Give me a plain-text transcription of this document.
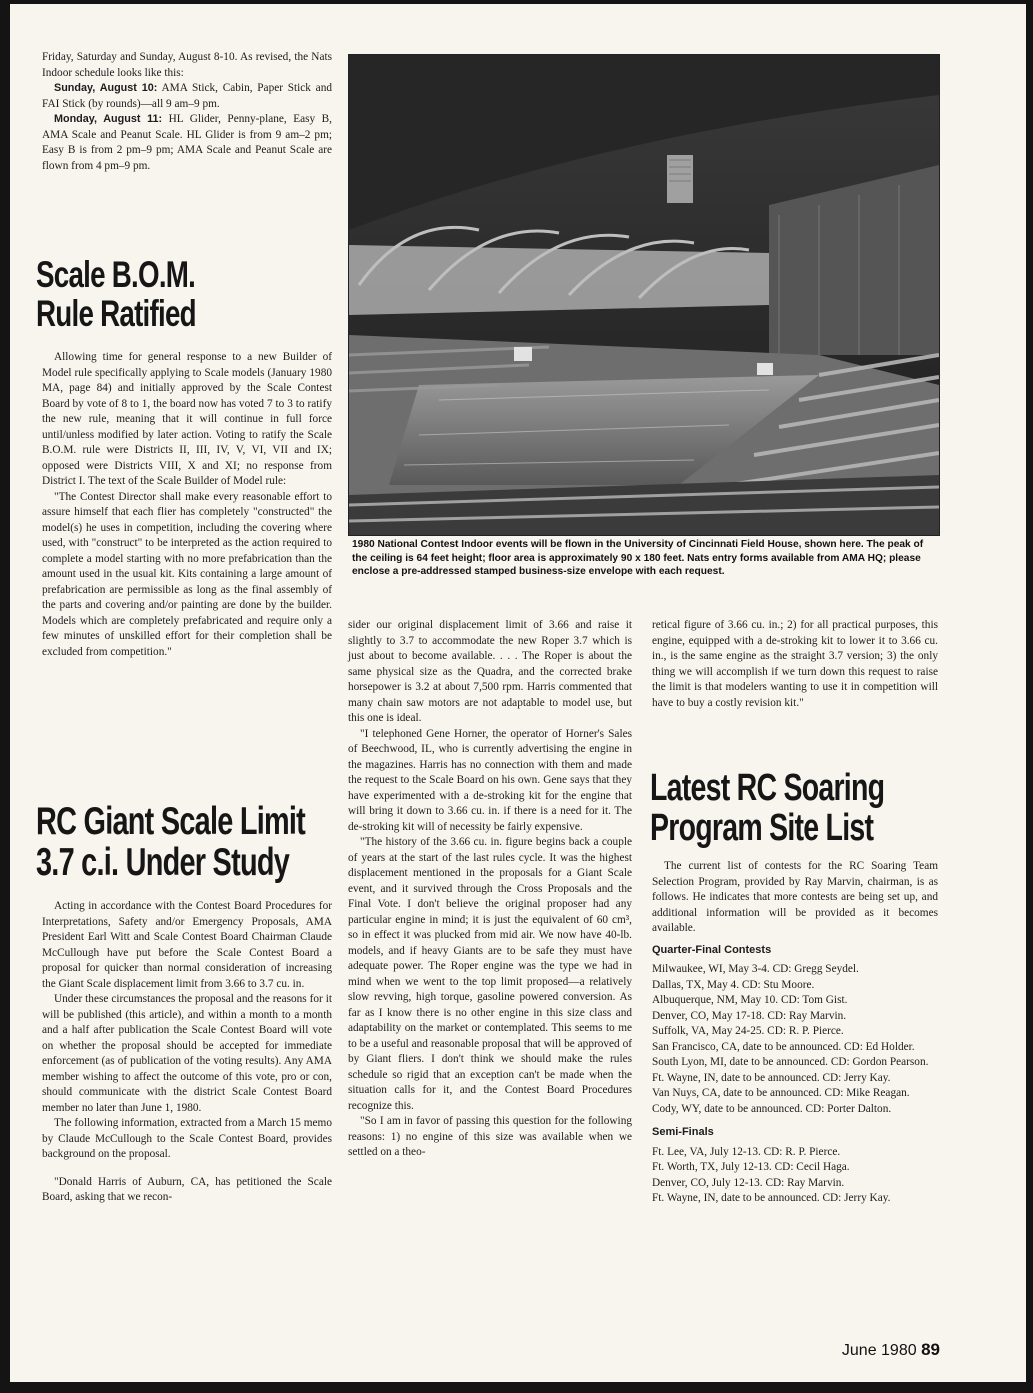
Friday, Saturday and Sunday, August 8-10. As revised, the Nats Indoor schedule looks like this:

Sunday, August 10: AMA Stick, Cabin, Paper Stick and FAI Stick (by rounds)—all 9 am–9 pm.

Monday, August 11: HL Glider, Penny-plane, Easy B, AMA Scale and Peanut Scale. HL Glider is from 9 am–2 pm; Easy B is from 2 pm–9 pm; AMA Scale and Peanut Scale are flown from 4 pm–9 pm.

Scale B.O.M.
Rule Ratified

Allowing time for general response to a new Builder of Model rule specifically applying to Scale models (January 1980 MA, page 84) and initially approved by the Scale Contest Board by vote of 8 to 1, the board now has voted 7 to 3 to ratify the new rule, meaning that it will continue in full force until/unless modified by later action. Voting to ratify the Scale B.O.M. rule were Districts II, III, IV, V, VI, VII and IX; opposed were Districts VIII, X and XI; no response from District I. The text of the Scale Builder of Model rule:

"The Contest Director shall make every reasonable effort to assure himself that each flier has completely "constructed" the model(s) he uses in competition, including the covering where used, with "construct" to be interpreted as the action required to complete a model starting with no more prefabrication than the amount used in the usual kit. Kits containing a large amount of prefabrication are permissible as long as the final assembly of the parts and covering and/or painting are done by the builder. Models which are completely prefabricated and require only a few minutes of unskilled effort for their completion shall be excluded from competition."

RC Giant Scale Limit
3.7 c.i. Under Study

Acting in accordance with the Contest Board Procedures for Interpretations, Safety and/or Emergency Proposals, AMA President Earl Witt and Scale Contest Board Chairman Claude McCullough have put before the Scale Contest Board a proposal for quicker than normal consideration of increasing the Giant Scale displacement limit from 3.66 to 3.7 cu. in.

Under these circumstances the proposal and the reasons for it will be published (this article), and within a month to a month and a half after publication the Scale Contest Board will vote on whether the proposal should be accepted for immediate enforcement (as of publication of the voting results). Any AMA member wishing to affect the outcome of this vote, pro or con, should communicate with the district Scale Contest Board member no later than June 1, 1980.

The following information, extracted from a March 15 memo by Claude McCullough to the Scale Contest Board, provides background on the proposal.

"Donald Harris of Auburn, CA, has petitioned the Scale Board, asking that we recon-

1980 National Contest Indoor events will be flown in the University of Cincinnati Field House, shown here. The peak of the ceiling is 64 feet height; floor area is approximately 90 x 180 feet. Nats entry forms available from AMA HQ; please enclose a pre-addressed stamped business-size envelope with each request.

sider our original displacement limit of 3.66 and raise it slightly to 3.7 to accommodate the new Roper 3.7 which is just about to become available. . . . The Roper is about the same physical size as the Quadra, and the corrected brake horsepower is 3.2 at about 7,500 rpm. Harris commented that many chain saw motors are not adaptable to model use, but this one is ideal.

"I telephoned Gene Horner, the operator of Horner's Sales of Beechwood, IL, who is currently advertising the engine in the magazines. Harris has no connection with them and made the request to the Scale Board on his own. Gene says that they have experimented with a de-stroking kit for the engine that will bring it down to 3.66 cu. in. if there is a need for it. The de-stroking kit will of necessity be fairly expensive.

"The history of the 3.66 cu. in. figure begins back a couple of years at the start of the last rules cycle. It was the highest displacement mentioned in the proposals for a Giant Scale event, and it survived through the Cross Proposals and the Final Vote. I don't believe the original proposer had any particular engine in mind; it is just the equivalent of 60 cm³, so in effect it was plucked from mid air. We now have 40-lb. models, and if heavy Giants are to be safe they must have adequate power. The Roper engine was the type we had in mind when we went to the top limit proposed—a relatively slow revving, high torque, gasoline powered conversion. As far as I know there is no other engine in this size class and adaptability on the market or contemplated. This seems to me to be a useful and reasonable proposal that will be approved of by Giant fliers. I don't think we should make the rules schedule so rigid that an exception can't be made when the situation calls for it, and the Contest Board Procedures recognize this.

"So I am in favor of passing this question for the following reasons: 1) no engine of this size was available when we settled on a theo-

retical figure of 3.66 cu. in.; 2) for all practical purposes, this engine, equipped with a de-stroking kit to lower it to 3.66 cu. in., is the same engine as the straight 3.7 version; 3) the only thing we will accomplish if we turn down this request to raise the limit is that modelers wanting to use it in competition will have to buy a costly revision kit."

Latest RC Soaring
Program Site List

The current list of contests for the RC Soaring Team Selection Program, provided by Ray Marvin, chairman, is as follows. He indicates that more contests are being set up, and additional information will be provided as it becomes available.

Quarter-Final Contests

Milwaukee, WI, May 3-4. CD: Gregg Seydel.

Dallas, TX, May 4. CD: Stu Moore.

Albuquerque, NM, May 10. CD: Tom Gist.

Denver, CO, May 17-18. CD: Ray Marvin.

Suffolk, VA, May 24-25. CD: R. P. Pierce.

San Francisco, CA, date to be announced. CD: Ed Holder.

South Lyon, MI, date to be announced. CD: Gordon Pearson.

Ft. Wayne, IN, date to be announced. CD: Jerry Kay.

Van Nuys, CA, date to be announced. CD: Mike Reagan.

Cody, WY, date to be announced. CD: Porter Dalton.

Semi-Finals

Ft. Lee, VA, July 12-13. CD: R. P. Pierce.

Ft. Worth, TX, July 12-13. CD: Cecil Haga.

Denver, CO, July 12-13. CD: Ray Marvin.

Ft. Wayne, IN, date to be announced. CD: Jerry Kay.

June 1980 89
